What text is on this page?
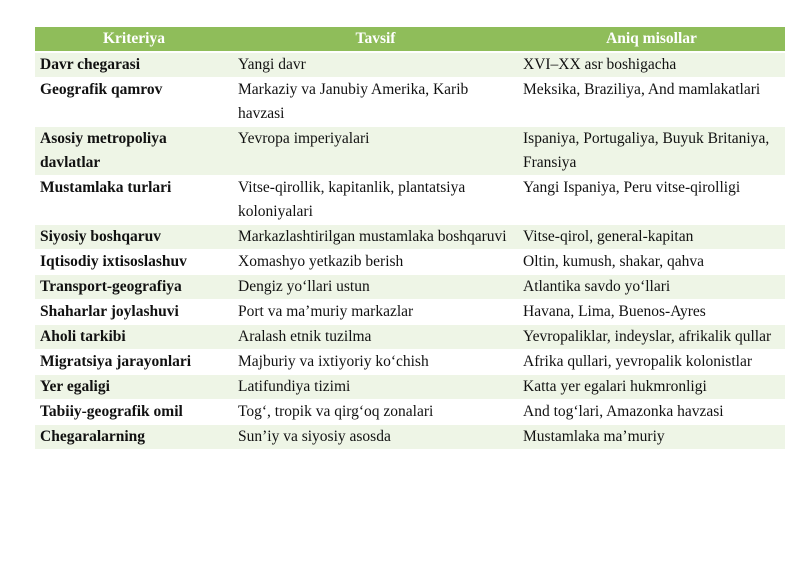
Kriteriya	Tavsif	Aniq misollar
Davr chegarasi	Yangi davr	XVI–XX asr boshigacha
Geografik qamrov	Markaziy va Janubiy Amerika, Karib havzasi	Meksika, Braziliya, And mamlakatlari
Asosiy metropoliya davlatlar	Yevropa imperiyalari	Ispaniya, Portugaliya, Buyuk Britaniya, Fransiya
Mustamlaka turlari	Vitse-qirollik, kapitanlik, plantatsiya koloniyalari	Yangi Ispaniya, Peru vitse-qirolligi
Siyosiy boshqaruv	Markazlashtirilgan mustamlaka boshqaruvi	Vitse-qirol, general-kapitan
Iqtisodiy ixtisoslashuv	Xomashyo yetkazib berish	Oltin, kumush, shakar, qahva
Transport-geografiya	Dengiz yoʻllari ustun	Atlantika savdo yoʻllari
Shaharlar joylashuvi	Port va maʼmuriy markazlar	Havana, Lima, Buenos-Ayres
Aholi tarkibi	Aralash etnik tuzilma	Yevropaliklar, indeyslar, afrikalik qullar
Migratsiya jarayonlari	Majburiy va ixtiyoriy koʻchish	Afrika qullari, yevropalik kolonistlar
Yer egaligi	Latifundiya tizimi	Katta yer egalari hukmronligi
Tabiiy-geografik omil	Togʻ, tropik va qirgʻoq zonalari	And togʻlari, Amazonka havzasi
Chegaralarning	Sunʼiy va siyosiy asosda	Mustamlaka maʼmuriy
